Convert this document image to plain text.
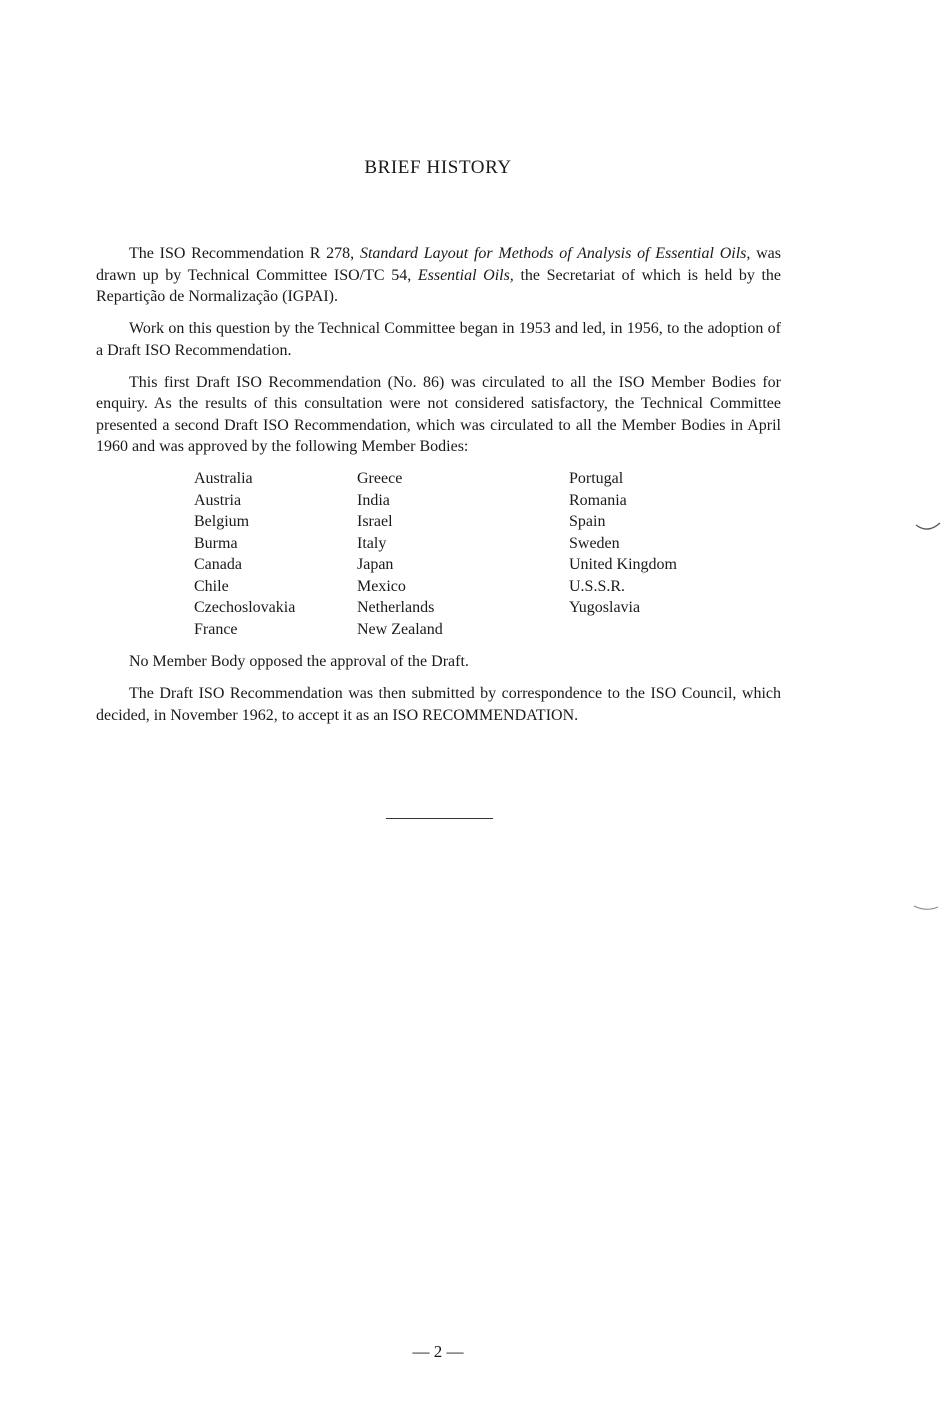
BRIEF HISTORY

The ISO Recommendation R 278, Standard Layout for Methods of Analysis of Essential Oils, was drawn up by Technical Committee ISO/TC 54, Essential Oils, the Secretariat of which is held by the Repartição de Normalização (IGPAI).

Work on this question by the Technical Committee began in 1953 and led, in 1956, to the adoption of a Draft ISO Recommendation.

This first Draft ISO Recommendation (No. 86) was circulated to all the ISO Member Bodies for enquiry. As the results of this consultation were not considered satisfactory, the Technical Committee presented a second Draft ISO Recommendation, which was circulated to all the Member Bodies in April 1960 and was approved by the following Member Bodies:

Australia
Austria
Belgium
Burma
Canada
Chile
Czechoslovakia
France
Greece
India
Israel
Italy
Japan
Mexico
Netherlands
New Zealand
Portugal
Romania
Spain
Sweden
United Kingdom
U.S.S.R.
Yugoslavia

No Member Body opposed the approval of the Draft.

The Draft ISO Recommendation was then submitted by correspondence to the ISO Council, which decided, in November 1962, to accept it as an ISO RECOMMENDATION.

— 2 —
